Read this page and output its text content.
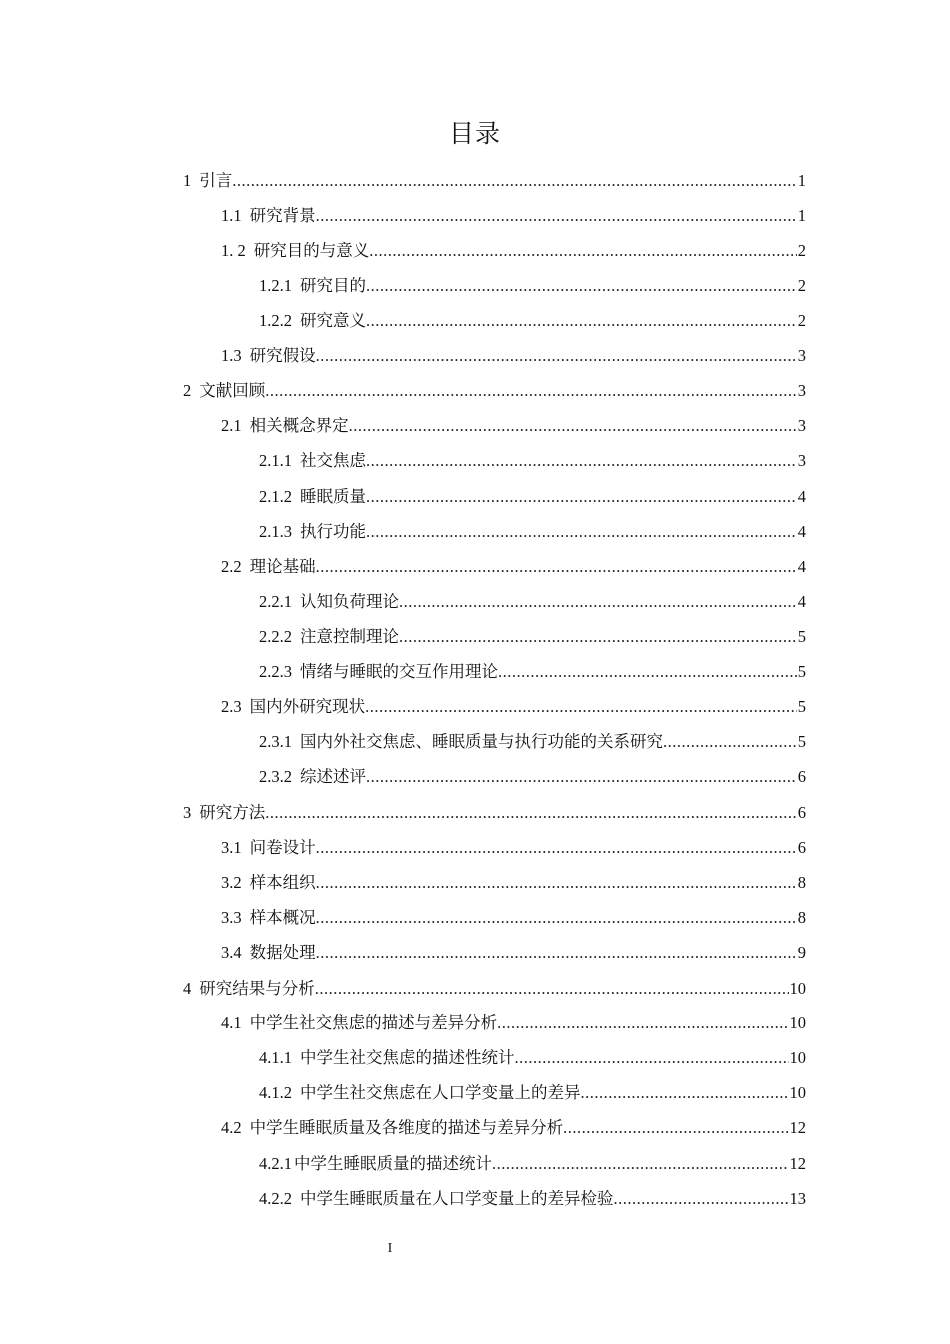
目录
1 引言 .....	1
1.1 研究背景 .....	1
1. 2 研究目的与意义 .....	2
1.2.1 研究目的 .....	2
1.2.2 研究意义 .....	2
1.3 研究假设 .....	3
2 文献回顾 .....	3
2.1 相关概念界定 .....	3
2.1.1 社交焦虑 .....	3
2.1.2 睡眠质量 .....	4
2.1.3 执行功能 .....	4
2.2 理论基础 .....	4
2.2.1 认知负荷理论 .....	4
2.2.2 注意控制理论 .....	5
2.2.3 情绪与睡眠的交互作用理论 .....	5
2.3 国内外研究现状 .....	5
2.3.1 国内外社交焦虑、睡眠质量与执行功能的关系研究 .....	5
2.3.2 综述述评 .....	6
3 研究方法 .....	6
3.1 问卷设计 .....	6
3.2 样本组织 .....	8
3.3 样本概况 .....	8
3.4 数据处理 .....	9
4 研究结果与分析 .....	10
4.1 中学生社交焦虑的描述与差异分析 .....	10
4.1.1 中学生社交焦虑的描述性统计 .....	10
4.1.2 中学生社交焦虑在人口学变量上的差异 .....	10
4.2 中学生睡眠质量及各维度的描述与差异分析 .....	12
4.2.1 中学生睡眠质量的描述统计 .....	12
4.2.2 中学生睡眠质量在人口学变量上的差异检验 .....	13
I
